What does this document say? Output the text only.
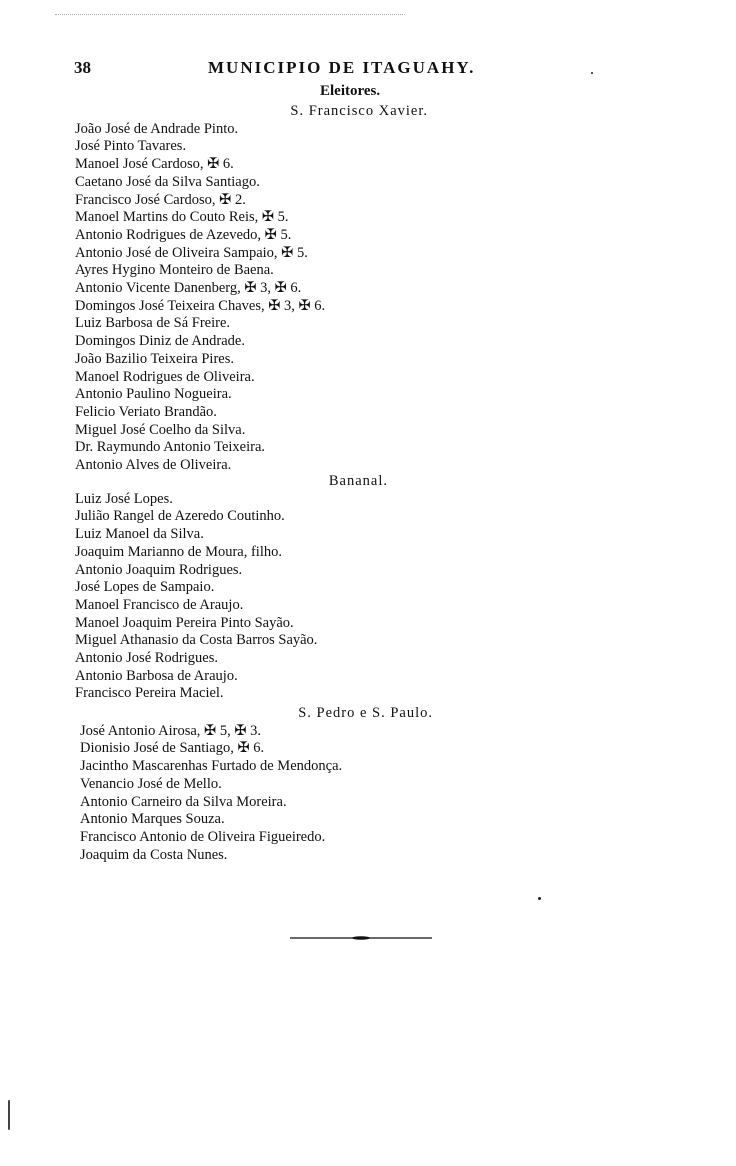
38	MUNICIPIO DE ITAGUAHY.
Eleitores.
S. Francisco Xavier.
João José de Andrade Pinto.
José Pinto Tavares.
Manoel José Cardoso, ✠ 6.
Caetano José da Silva Santiago.
Francisco José Cardoso, ✠ 2.
Manoel Martins do Couto Reis, ✠ 5.
Antonio Rodrigues de Azevedo, ✠ 5.
Antonio José de Oliveira Sampaio, ✠ 5.
Ayres Hygino Monteiro de Baena.
Antonio Vicente Danenberg, ✠ 3, ✠ 6.
Domingos José Teixeira Chaves, ✠ 3, ✠ 6.
Luiz Barbosa de Sá Freire.
Domingos Diniz de Andrade.
João Bazilio Teixeira Pires.
Manoel Rodrigues de Oliveira.
Antonio Paulino Nogueira.
Felicio Veriato Brandão.
Miguel José Coelho da Silva.
Dr. Raymundo Antonio Teixeira.
Antonio Alves de Oliveira.
Bananal.
Luiz José Lopes.
Julião Rangel de Azeredo Coutinho.
Luiz Manoel da Silva.
Joaquim Marianno de Moura, filho.
Antonio Joaquim Rodrigues.
José Lopes de Sampaio.
Manoel Francisco de Araujo.
Manoel Joaquim Pereira Pinto Sayão.
Miguel Athanasio da Costa Barros Sayão.
Antonio José Rodrigues.
Antonio Barbosa de Araujo.
Francisco Pereira Maciel.
S. Pedro e S. Paulo.
José Antonio Airosa, ✠ 5, ✠ 3.
Dionisio José de Santiago, ✠ 6.
Jacintho Mascarenhas Furtado de Mendonça.
Venancio José de Mello.
Antonio Carneiro da Silva Moreira.
Antonio Marques Souza.
Francisco Antonio de Oliveira Figueiredo.
Joaquim da Costa Nunes.
